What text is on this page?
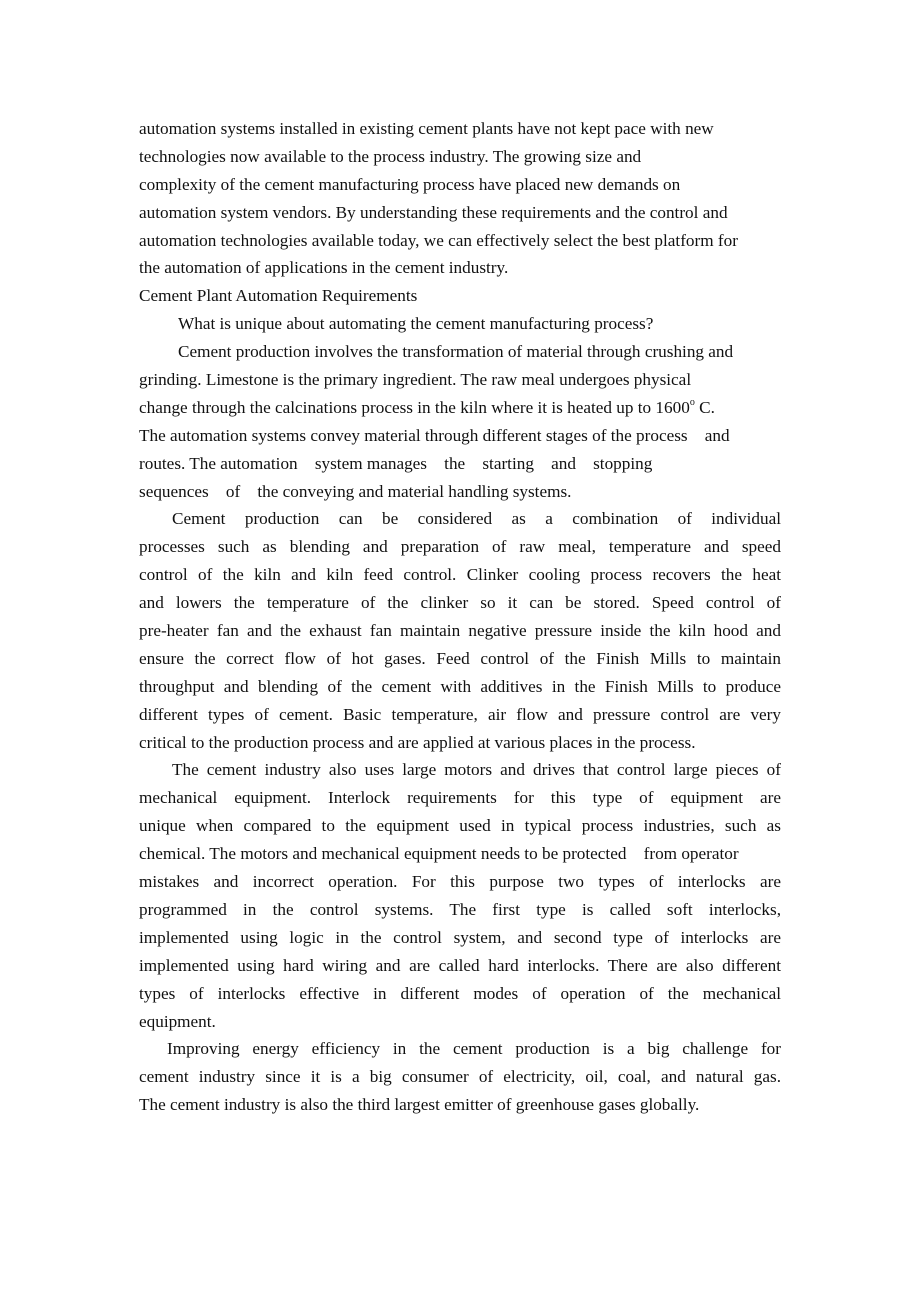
automation systems installed in existing cement plants have not kept pace with new
technologies now available to the process industry. The growing size and
complexity of the cement manufacturing process have placed new demands on
automation system vendors. By understanding these requirements and the control and
automation technologies available today, we can effectively select the best platform for
the automation of applications in the cement industry.
Cement Plant Automation Requirements
What is unique about automating the cement manufacturing process?
Cement production involves the transformation of material through crushing and
grinding. Limestone is the primary ingredient. The raw meal undergoes physical
change through the calcinations process in the kiln where it is heated up to 1600$^o$ C.
The automation systems convey material through different stages of the process    and
routes. The automation    system manages    the    starting    and    stopping
sequences    of    the conveying and material handling systems.
Cement production can be considered as a combination of individual
processes such as blending and preparation of raw meal, temperature and speed
control of the kiln and kiln feed control. Clinker cooling process recovers the heat
and lowers the temperature of the clinker so it can be stored. Speed control of
pre-heater fan and the exhaust fan maintain negative pressure inside the kiln hood and
ensure the correct flow of hot gases. Feed control of the Finish Mills to maintain
throughput and blending of the cement with additives in the Finish Mills to produce
different types of cement. Basic temperature, air flow and pressure control are very
critical to the production process and are applied at various places in the process.
The cement industry also uses large motors and drives that control large pieces of
mechanical equipment. Interlock requirements for this type of equipment are
unique when compared to the equipment used in typical process industries, such as
chemical. The motors and mechanical equipment needs to be protected    from operator
mistakes and incorrect operation. For this purpose two types of interlocks are
programmed in the control systems. The first type is called soft interlocks,
implemented using logic in the control system, and second type of interlocks are
implemented using hard wiring and are called hard interlocks. There are also different
types of interlocks effective in different modes of operation of the mechanical
equipment.
Improving energy efficiency in the cement production is a big challenge for
cement industry since it is a big consumer of electricity, oil, coal, and natural gas.
The cement industry is also the third largest emitter of greenhouse gases globally.
